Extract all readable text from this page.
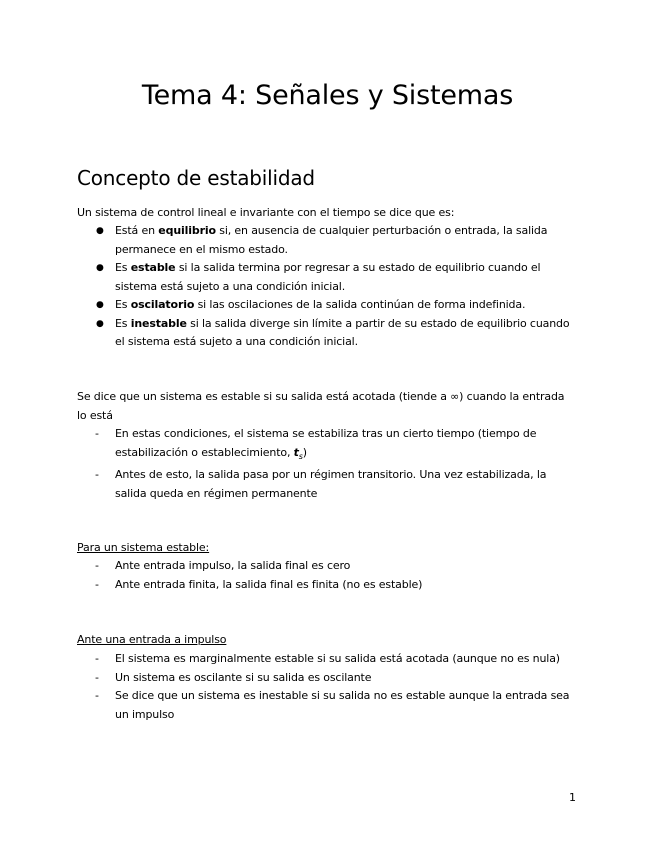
Tema 4: Señales y Sistemas
Concepto de estabilidad
Un sistema de control lineal e invariante con el tiempo se dice que es:
● Está en equilibrio si, en ausencia de cualquier perturbación o entrada, la salida permanece en el mismo estado.
● Es estable si la salida termina por regresar a su estado de equilibrio cuando el sistema está sujeto a una condición inicial.
● Es oscilatorio si las oscilaciones de la salida continúan de forma indefinida.
● Es inestable si la salida diverge sin límite a partir de su estado de equilibrio cuando el sistema está sujeto a una condición inicial.
Se dice que un sistema es estable si su salida está acotada (tiende a ∞) cuando la entrada lo está
- En estas condiciones, el sistema se estabiliza tras un cierto tiempo (tiempo de estabilización o establecimiento, $t_s$)
- Antes de esto, la salida pasa por un régimen transitorio. Una vez estabilizada, la salida queda en régimen permanente
Para un sistema estable:
- Ante entrada impulso, la salida final es cero
- Ante entrada finita, la salida final es finita (no es estable)
Ante una entrada a impulso
- El sistema es marginalmente estable si su salida está acotada (aunque no es nula)
- Un sistema es oscilante si su salida es oscilante
- Se dice que un sistema es inestable si su salida no es estable aunque la entrada sea un impulso
1
